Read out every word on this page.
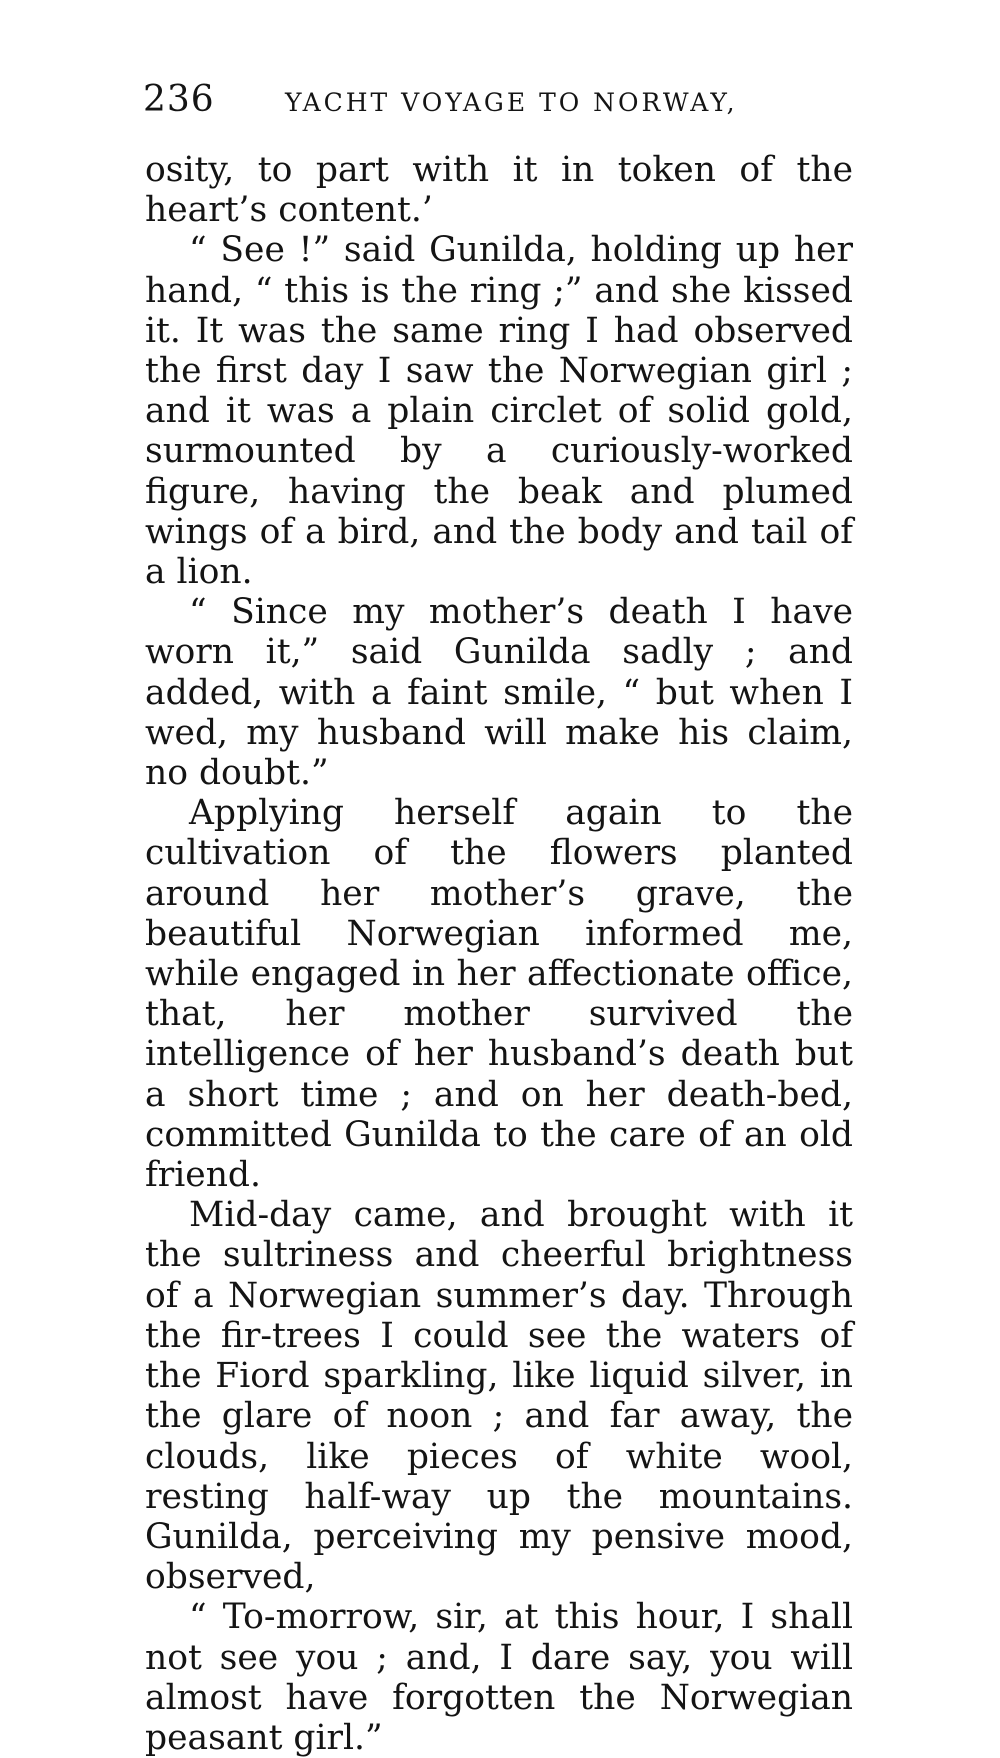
236	YACHT VOYAGE TO NORWAY,

osity, to part with it in token of the heart’s content.’

“ See !” said Gunilda, holding up her hand, “ this is the ring ;” and she kissed it. It was the same ring I had observed the first day I saw the Norwegian girl ; and it was a plain circlet of solid gold, surmounted by a curiously-worked figure, having the beak and plumed wings of a bird, and the body and tail of a lion.

“ Since my mother’s death I have worn it,” said Gunilda sadly ; and added, with a faint smile, “ but when I wed, my husband will make his claim, no doubt.”

Applying herself again to the cultivation of the flowers planted around her mother’s grave, the beautiful Norwegian informed me, while engaged in her affectionate office, that, her mother survived the intelligence of her husband’s death but a short time ; and on her death-bed, committed Gunilda to the care of an old friend.

Mid-day came, and brought with it the sultriness and cheerful brightness of a Norwegian summer’s day. Through the fir-trees I could see the waters of the Fiord sparkling, like liquid silver, in the glare of noon ; and far away, the clouds, like pieces of white wool, resting half-way up the mountains. Gunilda, perceiving my pensive mood, observed,

“ To-morrow, sir, at this hour, I shall not see you ; and, I dare say, you will almost have forgotten the Norwegian peasant girl.”
